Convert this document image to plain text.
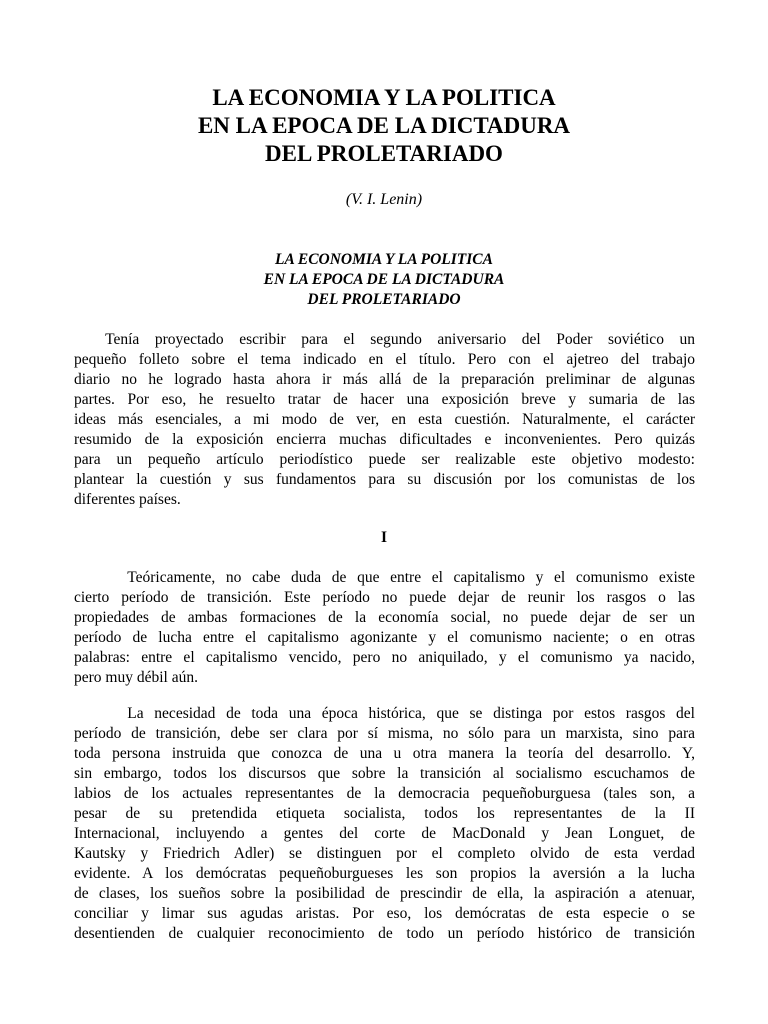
LA ECONOMIA Y LA POLITICA
EN LA EPOCA DE LA DICTADURA
DEL PROLETARIADO

(V. I. Lenin)

LA ECONOMIA Y LA POLITICA
EN LA EPOCA DE LA DICTADURA
DEL PROLETARIADO
Tenía proyectado escribir para el segundo aniversario del Poder soviético un
pequeño folleto sobre el tema indicado en el título. Pero con el ajetreo del trabajo
diario no he logrado hasta ahora ir más allá de la preparación preliminar de algunas
partes. Por eso, he resuelto tratar de hacer una exposición breve y sumaria de las
ideas más esenciales, a mi modo de ver, en esta cuestión. Naturalmente, el carácter
resumido de la exposición encierra muchas dificultades e inconvenientes. Pero quizás
para un pequeño artículo periodístico puede ser realizable este objetivo modesto:
plantear la cuestión y sus fundamentos para su discusión por los comunistas de los
diferentes países.
I
Teóricamente, no cabe duda de que entre el capitalismo y el comunismo existe
cierto período de transición. Este período no puede dejar de reunir los rasgos o las
propiedades de ambas formaciones de la economía social, no puede dejar de ser un
período de lucha entre el capitalismo agonizante y el comunismo naciente; o en otras
palabras: entre el capitalismo vencido, pero no aniquilado, y el comunismo ya nacido,
pero muy débil aún.
La necesidad de toda una época histórica, que se distinga por estos rasgos del
período de transición, debe ser clara por sí misma, no sólo para un marxista, sino para
toda persona instruida que conozca de una u otra manera la teoría del desarrollo. Y,
sin embargo, todos los discursos que sobre la transición al socialismo escuchamos de
labios de los actuales representantes de la democracia pequeñoburguesa (tales son, a
pesar de su pretendida etiqueta socialista, todos los representantes de la II
Internacional, incluyendo a gentes del corte de MacDonald y Jean Longuet, de
Kautsky y Friedrich Adler) se distinguen por el completo olvido de esta verdad
evidente. A los demócratas pequeñoburgueses les son propios la aversión a la lucha
de clases, los sueños sobre la posibilidad de prescindir de ella, la aspiración a atenuar,
conciliar y limar sus agudas aristas. Por eso, los demócratas de esta especie o se
desentienden de cualquier reconocimiento de todo un período histórico de transición
